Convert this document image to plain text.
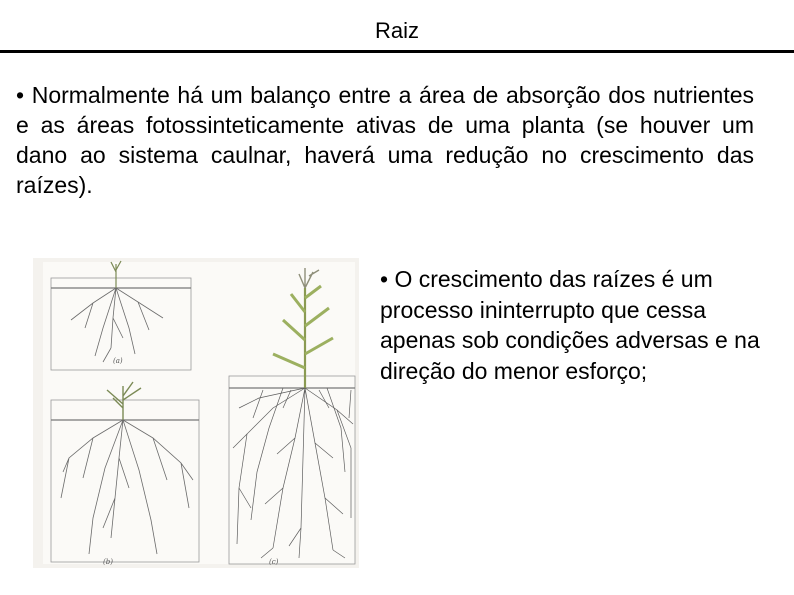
Raiz

• Normalmente há um balanço entre a área de absorção dos nutrientes e as áreas fotossinteticamente ativas de uma planta (se houver um dano ao sistema caulnar, haverá uma redução no crescimento das raízes).

(a)
(b)	(c)

• O crescimento das raízes é um processo ininterrupto que cessa apenas sob condições adversas e na direção do menor esforço;
